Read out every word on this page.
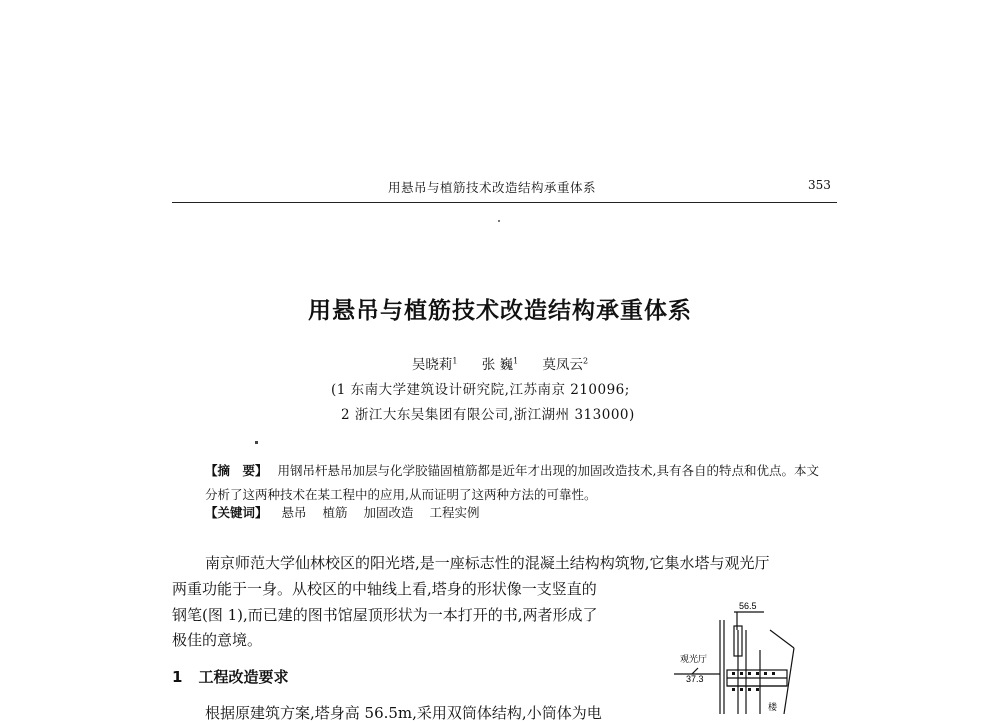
用悬吊与植筋技术改造结构承重体系	353
用悬吊与植筋技术改造结构承重体系
吴晓莉$^1$ 张 巍$^1$ 莫凤云$^2$
(1 东南大学建筑设计研究院,江苏南京 210096;
2 浙江大东吴集团有限公司,浙江湖州 313000)
【摘　要】 用钢吊杆悬吊加层与化学胶锚固植筋都是近年才出现的加固改造技术,具有各自的特点和优点。本文分析了这两种技术在某工程中的应用,从而证明了这两种方法的可靠性。
【关键词】 悬吊 植筋 加固改造 工程实例
南京师范大学仙林校区的阳光塔,是一座标志性的混凝土结构构筑物,它集水塔与观光厅
两重功能于一身。从校区的中轴线上看,塔身的形状像一支竖直的
钢笔(图 1),而已建的图书馆屋顶形状为一本打开的书,两者形成了
极佳的意境。
1 工程改造要求
根据原建筑方案,塔身高 56.5m,采用双筒体结构,小筒体为电
56.5
观光厅
37.3
楼
